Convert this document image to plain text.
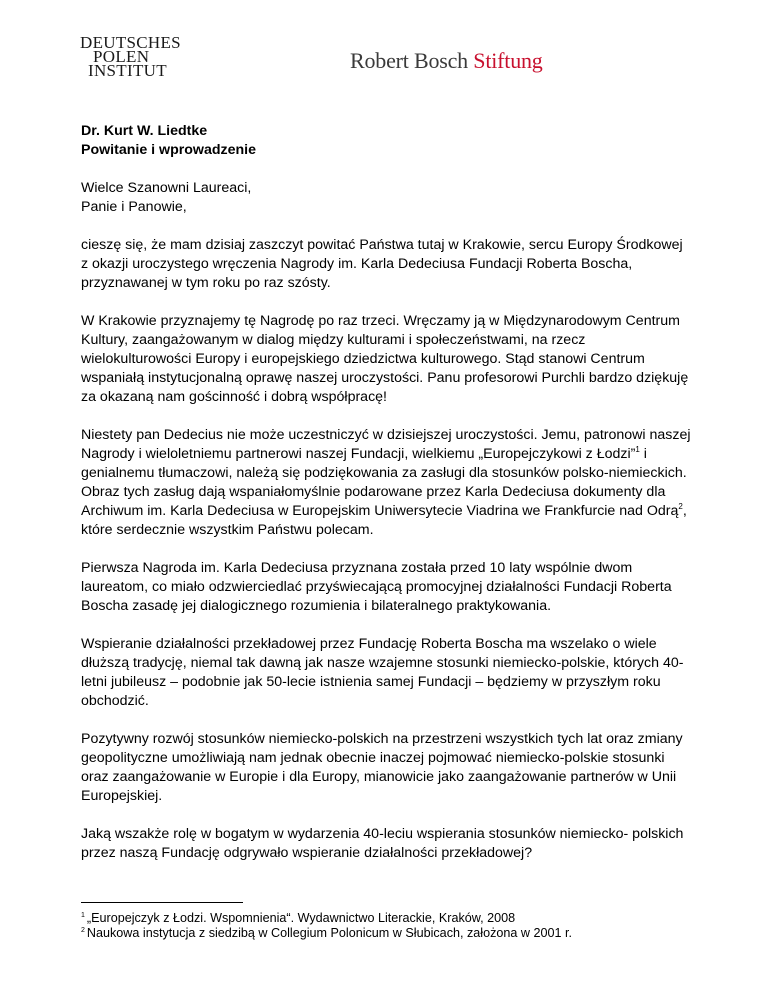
DEUTSCHES
POLEN
INSTITUT	Robert Bosch Stiftung

Dr. Kurt W. Liedtke

Powitanie i wprowadzenie

Wielce Szanowni Laureaci,
Panie i Panowie,

cieszę się, że mam dzisiaj zaszczyt powitać Państwa tutaj w Krakowie, sercu Europy Środkowej z okazji uroczystego wręczenia Nagrody im. Karla Dedeciusa Fundacji Roberta Boscha, przyznawanej w tym roku po raz szósty.

W Krakowie przyznajemy tę Nagrodę po raz trzeci. Wręczamy ją w Międzynarodowym Centrum Kultury, zaangażowanym w dialog między kulturami i społeczeństwami, na rzecz wielokulturowości Europy i europejskiego dziedzictwa kulturowego. Stąd stanowi Centrum wspaniałą instytucjonalną oprawę naszej uroczystości. Panu profesorowi Purchli bardzo dziękuję za okazaną nam gościnność i dobrą współpracę!

Niestety pan Dedecius nie może uczestniczyć w dzisiejszej uroczystości. Jemu, patronowi naszej Nagrody i wieloletniemu partnerowi naszej Fundacji, wielkiemu „Europejczykowi z Łodzi”$^1$ i genialnemu tłumaczowi, należą się podziękowania za zasługi dla stosunków polsko-niemieckich. Obraz tych zasług dają wspaniałomyślnie podarowane przez Karla Dedeciusa dokumenty dla Archiwum im. Karla Dedeciusa w Europejskim Uniwersytecie Viadrina we Frankfurcie nad Odrą$^2$, które serdecznie wszystkim Państwu polecam.

Pierwsza Nagroda im. Karla Dedeciusa przyznana została przed 10 laty wspólnie dwom laureatom, co miało odzwierciedlać przyświecającą promocyjnej działalności Fundacji Roberta Boscha zasadę jej dialogicznego rozumienia i bilateralnego praktykowania.

Wspieranie działalności przekładowej przez Fundację Roberta Boscha ma wszelako o wiele dłuższą tradycję, niemal tak dawną jak nasze wzajemne stosunki niemiecko-polskie, których 40-letni jubileusz – podobnie jak 50-lecie istnienia samej Fundacji – będziemy w przyszłym roku obchodzić.

Pozytywny rozwój stosunków niemiecko-polskich na przestrzeni wszystkich tych lat oraz zmiany geopolityczne umożliwiają nam jednak obecnie inaczej pojmować niemiecko-polskie stosunki oraz zaangażowanie w Europie i dla Europy, mianowicie jako zaangażowanie partnerów w Unii Europejskiej.

Jaką wszakże rolę w bogatym w wydarzenia 40-leciu wspierania stosunków niemiecko- polskich przez naszą Fundację odgrywało wspieranie działalności przekładowej?

$^1$ „Europejczyk z Łodzi. Wspomnienia“. Wydawnictwo Literackie, Kraków, 2008
$^2$ Naukowa instytucja z siedzibą w Collegium Polonicum w Słubicach, założona w 2001 r.
